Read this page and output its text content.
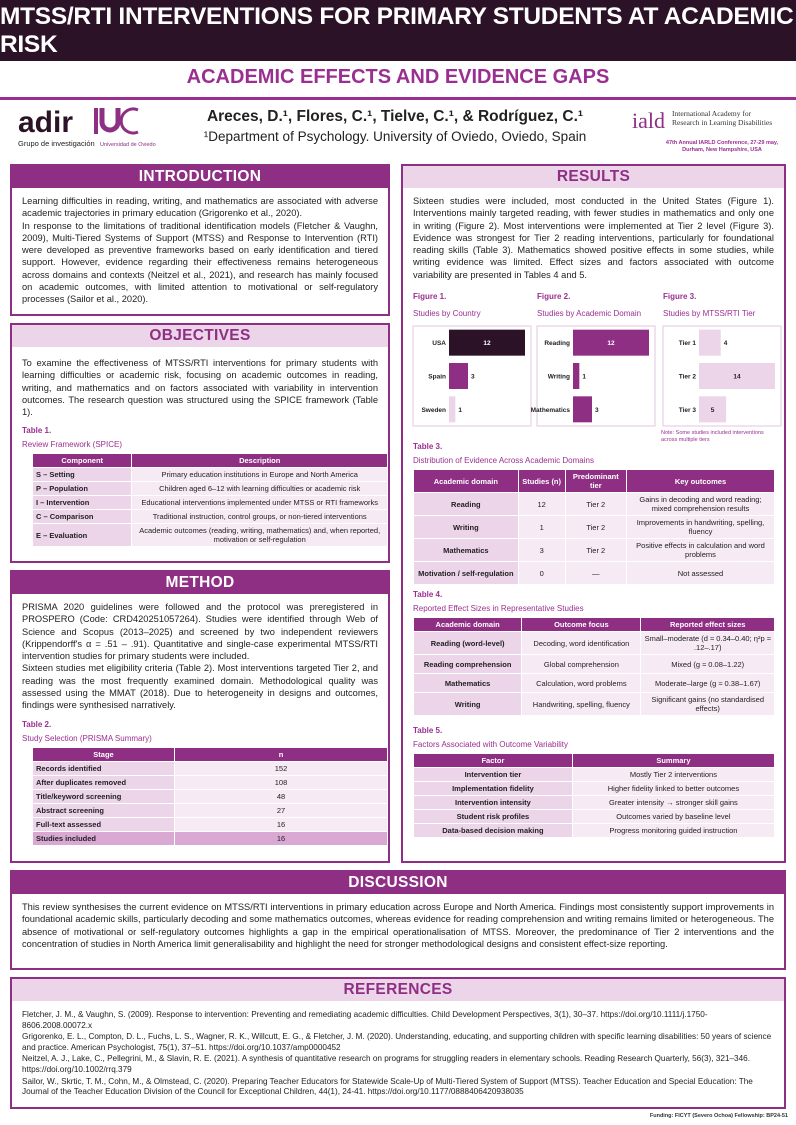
MTSS/RTI INTERVENTIONS FOR PRIMARY STUDENTS AT ACADEMIC RISK
ACADEMIC EFFECTS AND EVIDENCE GAPS
adir
Grupo de investigación Universidad de Oviedo
Areces, D.¹, Flores, C.¹, Tielve, C.¹, & Rodríguez, C.¹
¹Department of Psychology. University of Oviedo, Oviedo, Spain
iald International Academy for
Research in Learning Disabilities
47th Annual IARLD Conference, 27-29 may,
Durham, New Hampshire, USA
INTRODUCTION

Learning difficulties in reading, writing, and mathematics are associated with adverse academic trajectories in primary education (Grigorenko et al., 2020).

In response to the limitations of traditional identification models (Fletcher & Vaughn, 2009), Multi-Tiered Systems of Support (MTSS) and Response to Intervention (RTI) were developed as preventive frameworks based on early identification and tiered support. However, evidence regarding their effectiveness remains heterogeneous across domains and contexts (Neitzel et al., 2021), and research has mainly focused on academic outcomes, with limited attention to motivational or self-regulatory processes (Sailor et al., 2020).

OBJECTIVES

To examine the effectiveness of MTSS/RTI interventions for primary students with learning difficulties or academic risk, focusing on academic outcomes in reading, writing, and mathematics and on factors associated with variability in intervention outcomes. The research question was structured using the SPICE framework (Table 1).

Table 1.
Review Framework (SPICE)
Component	Description
S – Setting	Primary education institutions in Europe and North America
P – Population	Children aged 6–12 with learning difficulties or academic risk
I – Intervention	Educational interventions implemented under MTSS or RTI frameworks
C – Comparison	Traditional instruction, control groups, or non-tiered interventions
E – Evaluation	Academic outcomes (reading, writing, mathematics) and, when reported, motivation or self-regulation
METHOD

PRISMA 2020 guidelines were followed and the protocol was preregistered in PROSPERO (Code: CRD420251057264). Studies were identified through Web of Science and Scopus (2013–2025) and screened by two independent reviewers (Krippendorff's α = .51 – .91). Quantitative and single-case experimental MTSS/RTI intervention studies for primary students were included.

Sixteen studies met eligibility criteria (Table 2). Most interventions targeted Tier 2, and reading was the most frequently examined domain. Methodological quality was assessed using the MMAT (2018). Due to heterogeneity in designs and outcomes, findings were synthesised narratively.

Table 2.
Study Selection (PRISMA Summary)
Stage	n
Records identified	152
After duplicates removed	108
Title/keyword screening	48
Abstract screening	27
Full-text assessed	16
Studies included	16
RESULTS

Sixteen studies were included, most conducted in the United States (Figure 1). Interventions mainly targeted reading, with fewer studies in mathematics and only one in writing (Figure 2). Most interventions were implemented at Tier 2 level (Figure 3). Evidence was strongest for Tier 2 reading interventions, particularly for foundational reading skills (Table 3). Mathematics showed positive effects in some studies, while writing evidence was limited. Effect sizes and factors associated with outcome variability are presented in Tables 4 and 5.

Figure 1.
Studies by Country
USA	12
Spain	3
Sweden 1
Figure 2.
Studies by Academic Domain
Reading	12
Writing 1
Mathematics	3
Figure 3.
Studies by MTSS/RTI Tier
Tier 1	4
Tier 2	14
Tier 3 5
Note: Some studies included interventions across multiple tiers
Table 3.
Distribution of Evidence Across Academic Domains
Academic domain	Studies (n)	Predominant tier	Key outcomes
Reading	12	Tier 2	Gains in decoding and word reading; mixed comprehension results
Writing	1	Tier 2	Improvements in handwriting, spelling, fluency
Mathematics	3	Tier 2	Positive effects in calculation and word problems
Motivation / self-regulation	0	—	Not assessed
Table 4.
Reported Effect Sizes in Representative Studies
Academic domain	Outcome focus	Reported effect sizes
Reading (word-level)	Decoding, word identification	Small–moderate (d ≈ 0.34–0.40; η²p ≈ .12–.17)
Reading comprehension	Global comprehension	Mixed (g ≈ 0.08–1.22)
Mathematics	Calculation, word problems	Moderate–large (g ≈ 0.38–1.67)
Writing	Handwriting, spelling, fluency	Significant gains (no standardised effects)
Table 5.
Factors Associated with Outcome Variability
Factor	Summary
Intervention tier	Mostly Tier 2 interventions
Implementation fidelity	Higher fidelity linked to better outcomes
Intervention intensity	Greater intensity → stronger skill gains
Student risk profiles	Outcomes varied by baseline level
Data-based decision making	Progress monitoring guided instruction
DISCUSSION
This review synthesises the current evidence on MTSS/RTI interventions in primary education across Europe and North America. Findings most consistently support improvements in foundational academic skills, particularly decoding and some mathematics outcomes, whereas evidence for reading comprehension and writing remains limited or heterogeneous. The absence of motivational or self-regulatory outcomes highlights a gap in the empirical operationalisation of MTSS. Moreover, the predominance of Tier 2 interventions and the concentration of studies in North America limit generalisability and highlight the need for stronger methodological designs and consistent effect-size reporting.
REFERENCES

Fletcher, J. M., & Vaughn, S. (2009). Response to intervention: Preventing and remediating academic difficulties. Child Development Perspectives, 3(1), 30–37. https://doi.org/10.1111/j.1750-8606.2008.00072.x

Grigorenko, E. L., Compton, D. L., Fuchs, L. S., Wagner, R. K., Willcutt, E. G., & Fletcher, J. M. (2020). Understanding, educating, and supporting children with specific learning disabilities: 50 years of science and practice. American Psychologist, 75(1), 37–51. https://doi.org/10.1037/amp0000452

Neitzel, A. J., Lake, C., Pellegrini, M., & Slavin, R. E. (2021). A synthesis of quantitative research on programs for struggling readers in elementary schools. Reading Research Quarterly, 56(3), 321–346. https://doi.org/10.1002/rrq.379

Sailor, W., Skrtic, T. M., Cohn, M., & Olmstead, C. (2020). Preparing Teacher Educators for Statewide Scale-Up of Multi-Tiered System of Support (MTSS). Teacher Education and Special Education: The Journal of the Teacher Education Division of the Council for Exceptional Children, 44(1), 24-41. https://doi.org/10.1177/0888406420938035

Funding: FICYT (Severo Ochoa) Fellowship: BP24-51
